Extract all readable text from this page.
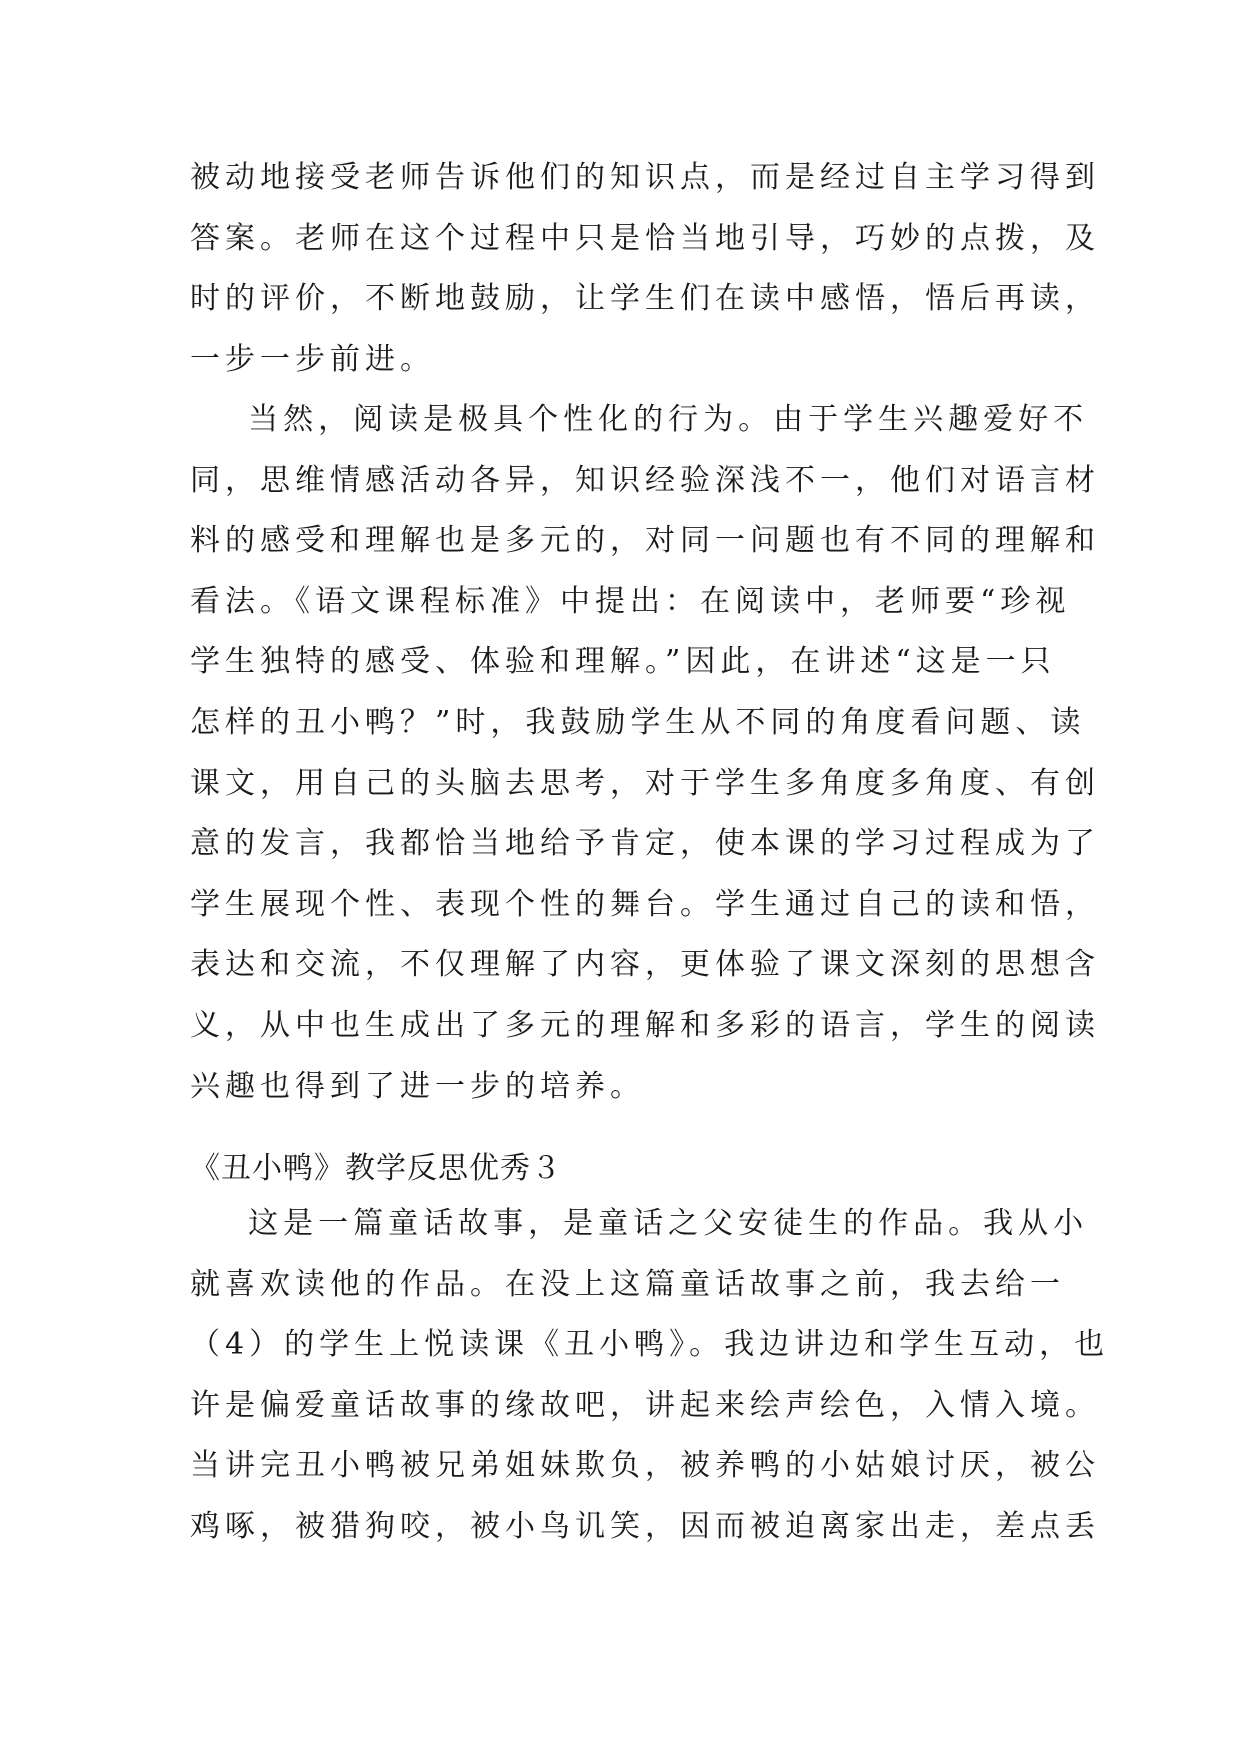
被动地接受老师告诉他们的知识点，而是经过自主学习得到
答案。老师在这个过程中只是恰当地引导，巧妙的点拨，及
时的评价，不断地鼓励，让学生们在读中感悟，悟后再读，
一步一步前进。
当然，阅读是极具个性化的行为。由于学生兴趣爱好不
同，思维情感活动各异，知识经验深浅不一，他们对语言材
料的感受和理解也是多元的，对同一问题也有不同的理解和
看法。《语文课程标准》中提出：在阅读中，老师要“珍视
学生独特的感受、体验和理解。”因此，在讲述“这是一只
怎样的丑小鸭？”时，我鼓励学生从不同的角度看问题、读
课文，用自己的头脑去思考，对于学生多角度多角度、有创
意的发言，我都恰当地给予肯定，使本课的学习过程成为了
学生展现个性、表现个性的舞台。学生通过自己的读和悟，
表达和交流，不仅理解了内容，更体验了课文深刻的思想含
义，从中也生成出了多元的理解和多彩的语言，学生的阅读
兴趣也得到了进一步的培养。
《丑小鸭》教学反思优秀３
这是一篇童话故事，是童话之父安徒生的作品。我从小
就喜欢读他的作品。在没上这篇童话故事之前，我去给一
（4）的学生上悦读课《丑小鸭》。我边讲边和学生互动，也
许是偏爱童话故事的缘故吧，讲起来绘声绘色，入情入境。
当讲完丑小鸭被兄弟姐妹欺负，被养鸭的小姑娘讨厌，被公
鸡啄，被猎狗咬，被小鸟讥笑，因而被迫离家出走，差点丢
